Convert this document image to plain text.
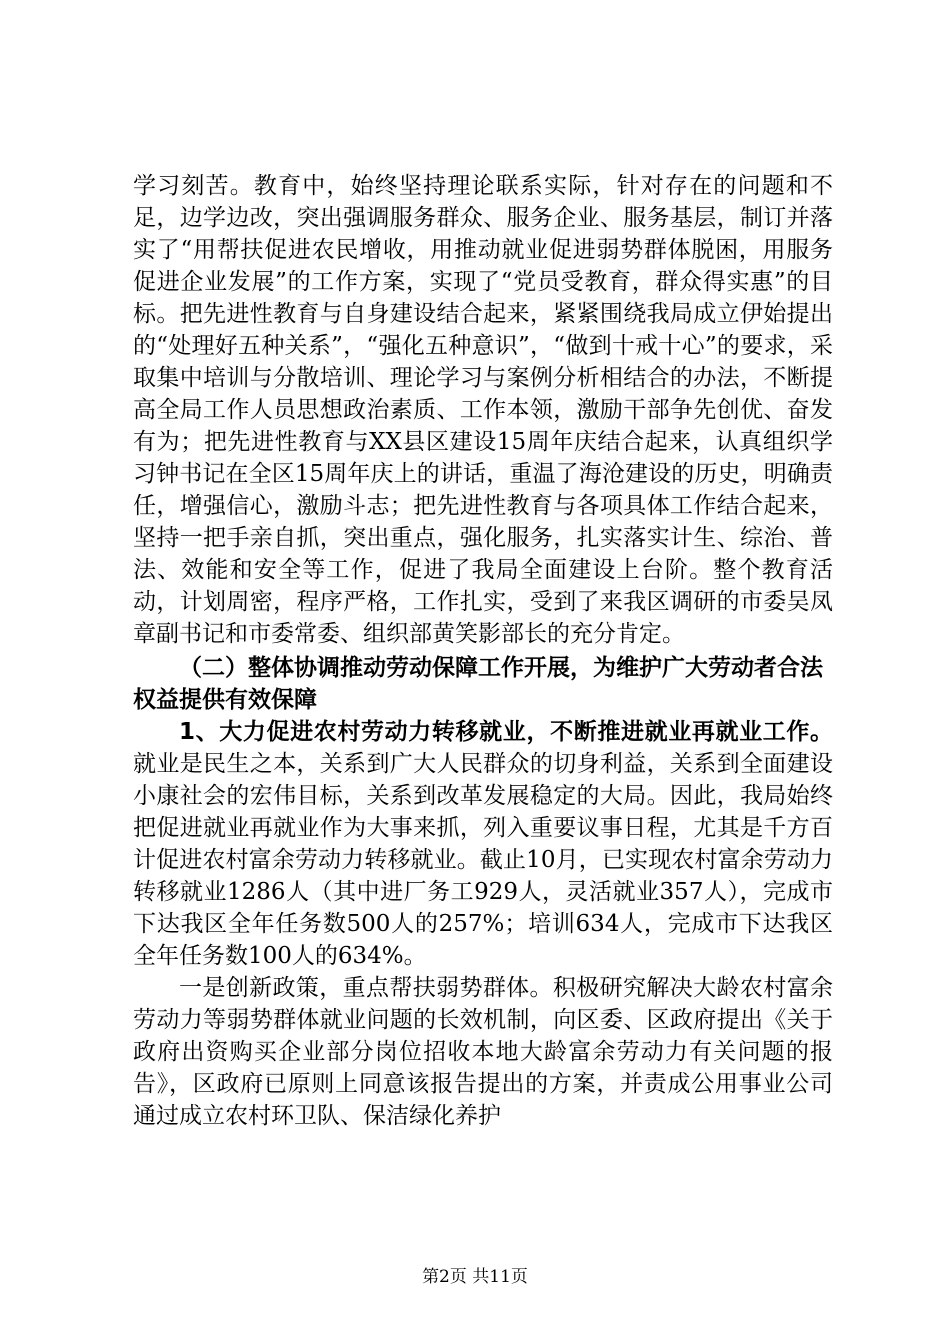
学习刻苦。教育中，始终坚持理论联系实际，针对存在的问题和不足，边学边改，突出强调服务群众、服务企业、服务基层，制订并落实了“用帮扶促进农民增收，用推动就业促进弱势群体脱困，用服务促进企业发展”的工作方案，实现了“党员受教育，群众得实惠”的目标。把先进性教育与自身建设结合起来，紧紧围绕我局成立伊始提出的“处理好五种关系”，“强化五种意识”，“做到十戒十心”的要求，采取集中培训与分散培训、理论学习与案例分析相结合的办法，不断提高全局工作人员思想政治素质、工作本领，激励干部争先创优、奋发有为；把先进性教育与XX县区建设15周年庆结合起来，认真组织学习钟书记在全区15周年庆上的讲话，重温了海沧建设的历史，明确责任，增强信心，激励斗志；把先进性教育与各项具体工作结合起来，坚持一把手亲自抓，突出重点，强化服务，扎实落实计生、综治、普法、效能和安全等工作，促进了我局全面建设上台阶。整个教育活动，计划周密，程序严格，工作扎实，受到了来我区调研的市委吴凤章副书记和市委常委、组织部黄笑影部长的充分肯定。

（二）整体协调推动劳动保障工作开展，为维护广大劳动者合法权益提供有效保障

1、大力促进农村劳动力转移就业，不断推进就业再就业工作。就业是民生之本，关系到广大人民群众的切身利益，关系到全面建设小康社会的宏伟目标，关系到改革发展稳定的大局。因此，我局始终把促进就业再就业作为大事来抓，列入重要议事日程，尤其是千方百计促进农村富余劳动力转移就业。截止10月，已实现农村富余劳动力转移就业1286人（其中进厂务工929人，灵活就业357人），完成市下达我区全年任务数500人的257%；培训634人，完成市下达我区全年任务数100人的634%。

一是创新政策，重点帮扶弱势群体。积极研究解决大龄农村富余劳动力等弱势群体就业问题的长效机制，向区委、区政府提出《关于政府出资购买企业部分岗位招收本地大龄富余劳动力有关问题的报告》，区政府已原则上同意该报告提出的方案，并责成公用事业公司通过成立农村环卫队、保洁绿化养护

第2页 共11页
